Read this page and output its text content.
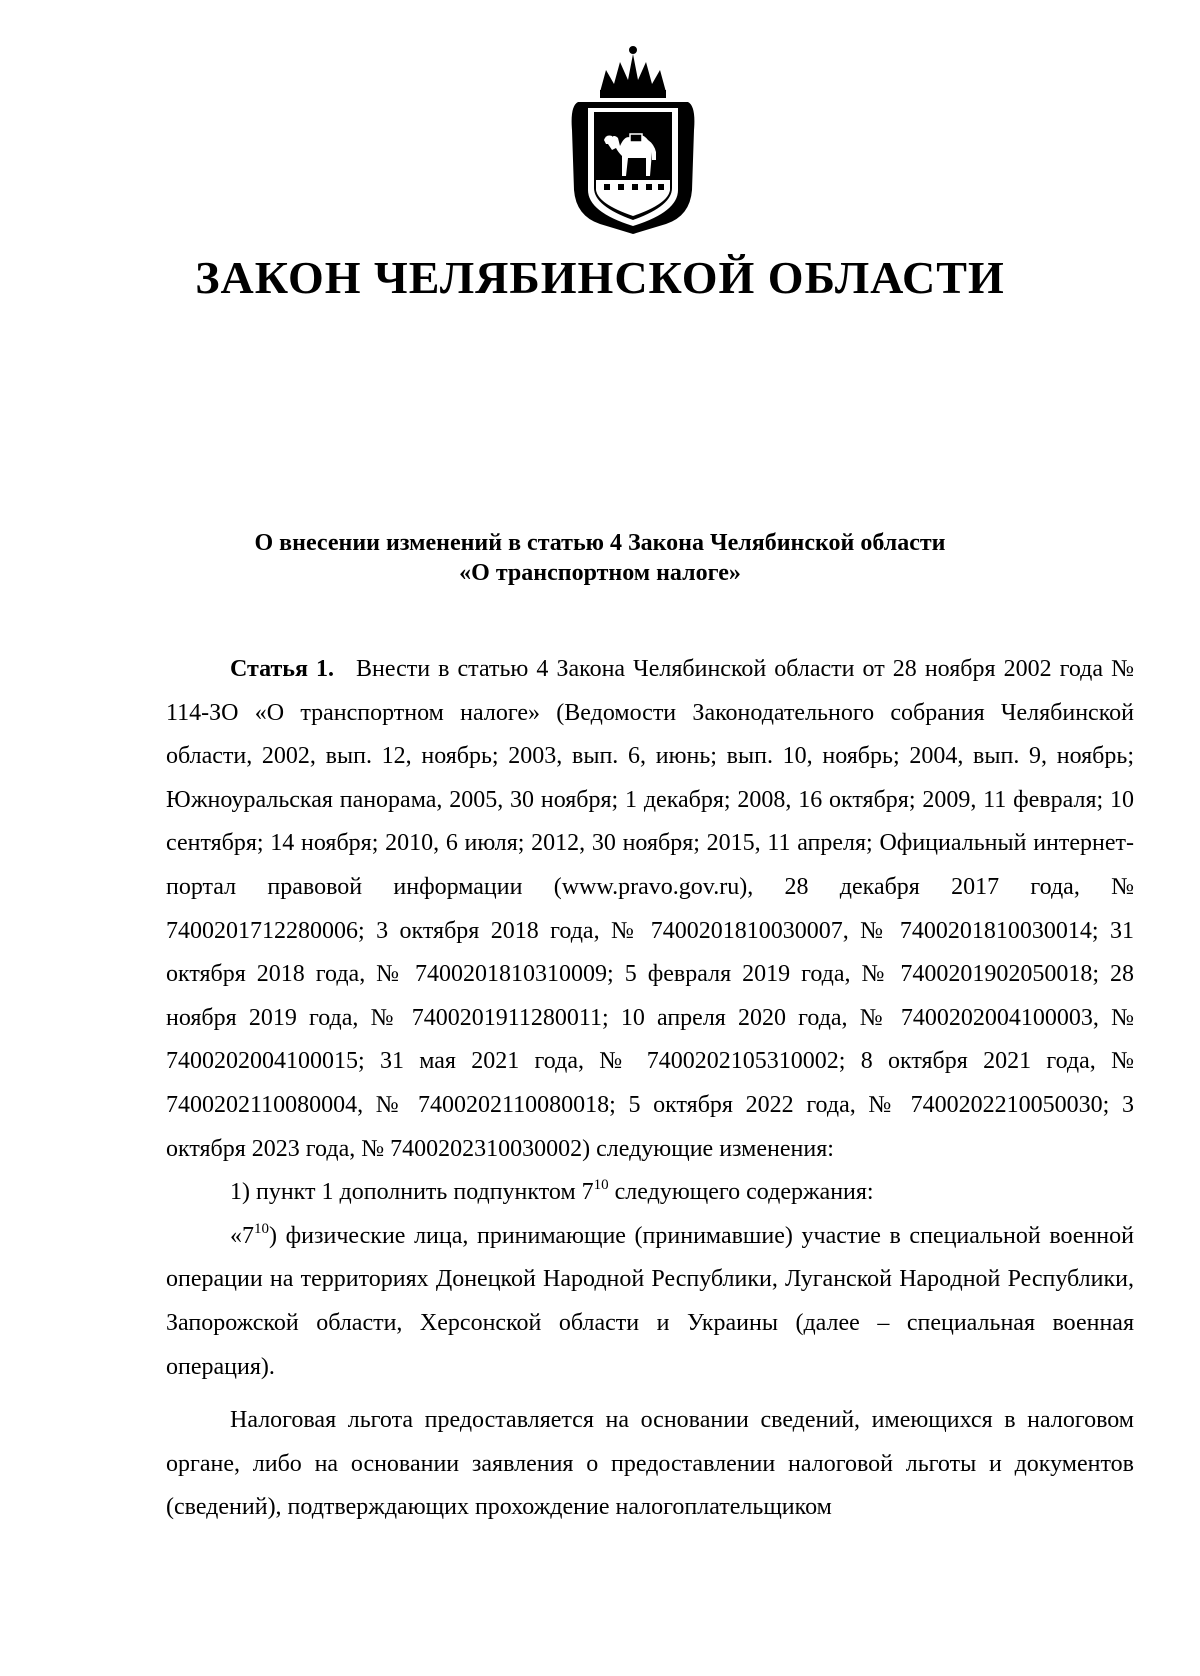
ЗАКОН ЧЕЛЯБИНСКОЙ ОБЛАСТИ
О внесении изменений в статью 4 Закона Челябинской области
«О транспортном налоге»

Статья 1. Внести в статью 4 Закона Челябинской области от 28 ноября 2002 года № 114-ЗО «О транспортном налоге» (Ведомости Законодательного собрания Челябинской области, 2002, вып. 12, ноябрь; 2003, вып. 6, июнь; вып. 10, ноябрь; 2004, вып. 9, ноябрь; Южноуральская панорама, 2005, 30 ноября; 1 декабря; 2008, 16 октября; 2009, 11 февраля; 10 сентября; 14 ноября; 2010, 6 июля; 2012, 30 ноября; 2015, 11 апреля; Официальный интернет-портал правовой информации (www.pravo.gov.ru), 28 декабря 2017 года, № 7400201712280006; 3 октября 2018 года, № 7400201810030007, № 7400201810030014; 31 октября 2018 года, № 7400201810310009; 5 февраля 2019 года, № 7400201902050018; 28 ноября 2019 года, № 7400201911280011; 10 апреля 2020 года, № 7400202004100003, № 7400202004100015; 31 мая 2021 года, № 7400202105310002; 8 октября 2021 года, № 7400202110080004, № 7400202110080018; 5 октября 2022 года, № 7400202210050030; 3 октября 2023 года, № 7400202310030002) следующие изменения:

1) пункт 1 дополнить подпунктом $7^{10}$ следующего содержания:

«$7^{10}$) физические лица, принимающие (принимавшие) участие в специальной военной операции на территориях Донецкой Народной Республики, Луганской Народной Республики, Запорожской области, Херсонской области и Украины (далее – специальная военная операция).

Налоговая льгота предоставляется на основании сведений, имеющихся в налоговом органе, либо на основании заявления о предоставлении налоговой льготы и документов (сведений), подтверждающих прохождение налогоплательщиком
